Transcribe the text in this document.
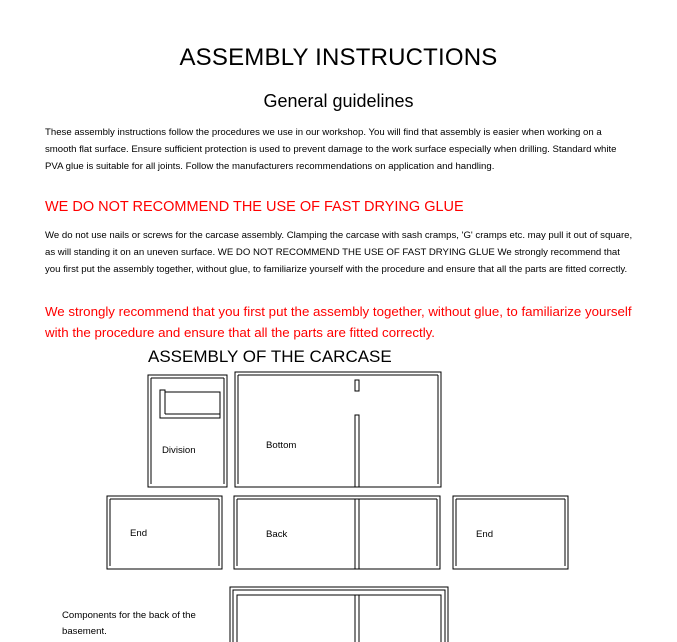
ASSEMBLY INSTRUCTIONS
General guidelines

These assembly instructions follow the procedures we use in our workshop. You will find that assembly is easier when working on a smooth flat surface. Ensure sufficient protection is used to prevent damage to the work surface especially when drilling. Standard white PVA glue is suitable for all joints. Follow the manufacturers recommendations on application and handling.

WE DO NOT RECOMMEND THE USE OF FAST DRYING GLUE

We do not use nails or screws for the carcase assembly. Clamping the carcase with sash cramps, 'G' cramps etc. may pull it out of square, as will standing it on an uneven surface. WE DO NOT RECOMMEND THE USE OF FAST DRYING GLUE We strongly recommend that you first put the assembly together, without glue, to familiarize yourself with the procedure and ensure that all the parts are fitted correctly.

We strongly recommend that you first put the assembly together, without glue, to familiarize yourself with the procedure and ensure that all the parts are fitted correctly.

ASSEMBLY OF THE CARCASE

Division	Bottom
End	Back	End
Components for the back of the basement.
